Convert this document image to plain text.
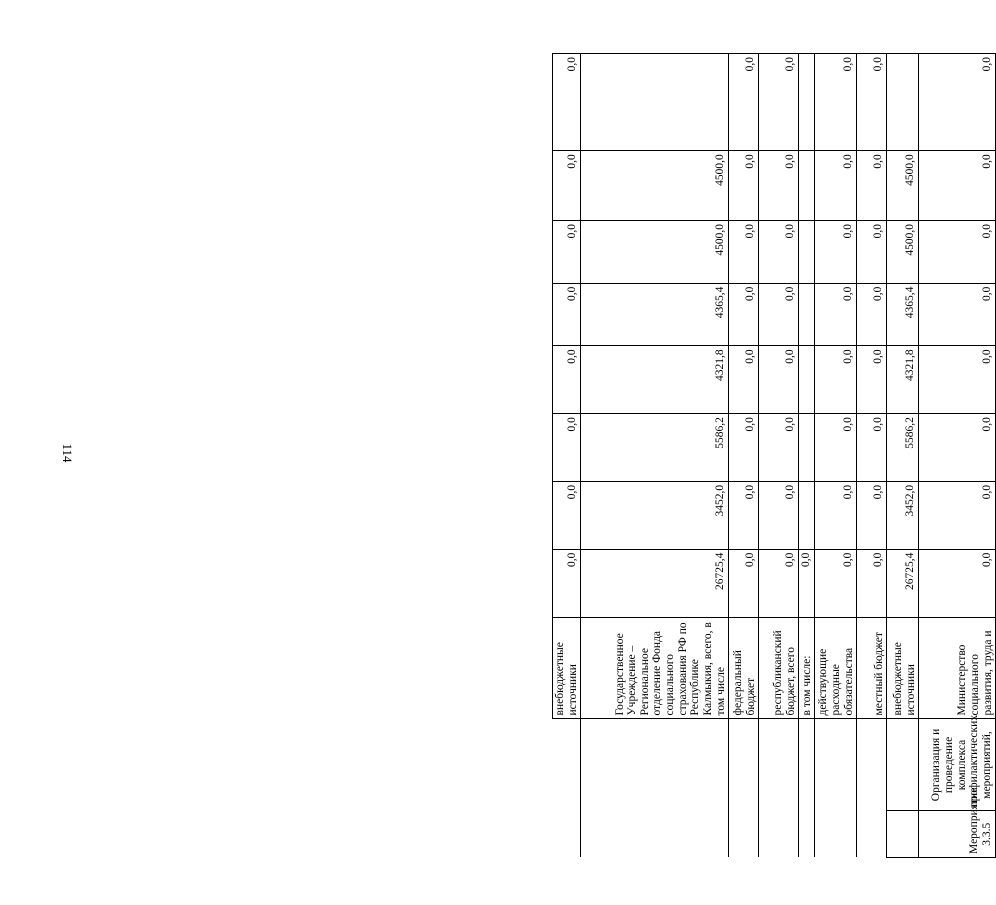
114
		внебюджетные источники	0,0	0,0	0,0	0,0	0,0	0,0	0,0	0,0
		Государственное Учреждение – Региональное отделение Фонда социального страхования РФ по Республике Калмыкия, всего, в том числе	26725,4	3452,0	5586,2	4321,8	4365,4	4500,0	4500,0	
		федеральный бюджет	0,0	0,0	0,0	0,0	0,0	0,0	0,0	0,0
		республиканский бюджет, всего	0,0	0,0	0,0	0,0	0,0	0,0	0,0	0,0
		в том числе:	0,0							
		действующие расходные обязательства	0,0	0,0	0,0	0,0	0,0	0,0	0,0	0,0
		местный бюджет	0,0	0,0	0,0	0,0	0,0	0,0	0,0	0,0
		внебюджетные источники	26725,4	3452,0	5586,2	4321,8	4365,4	4500,0	4500,0	
Мероприятие 3.3.5	Организация и проведение комплекса профилактических мероприятий,	Министерство социального развития, труда и	0,0	0,0	0,0	0,0	0,0	0,0	0,0	0,0
